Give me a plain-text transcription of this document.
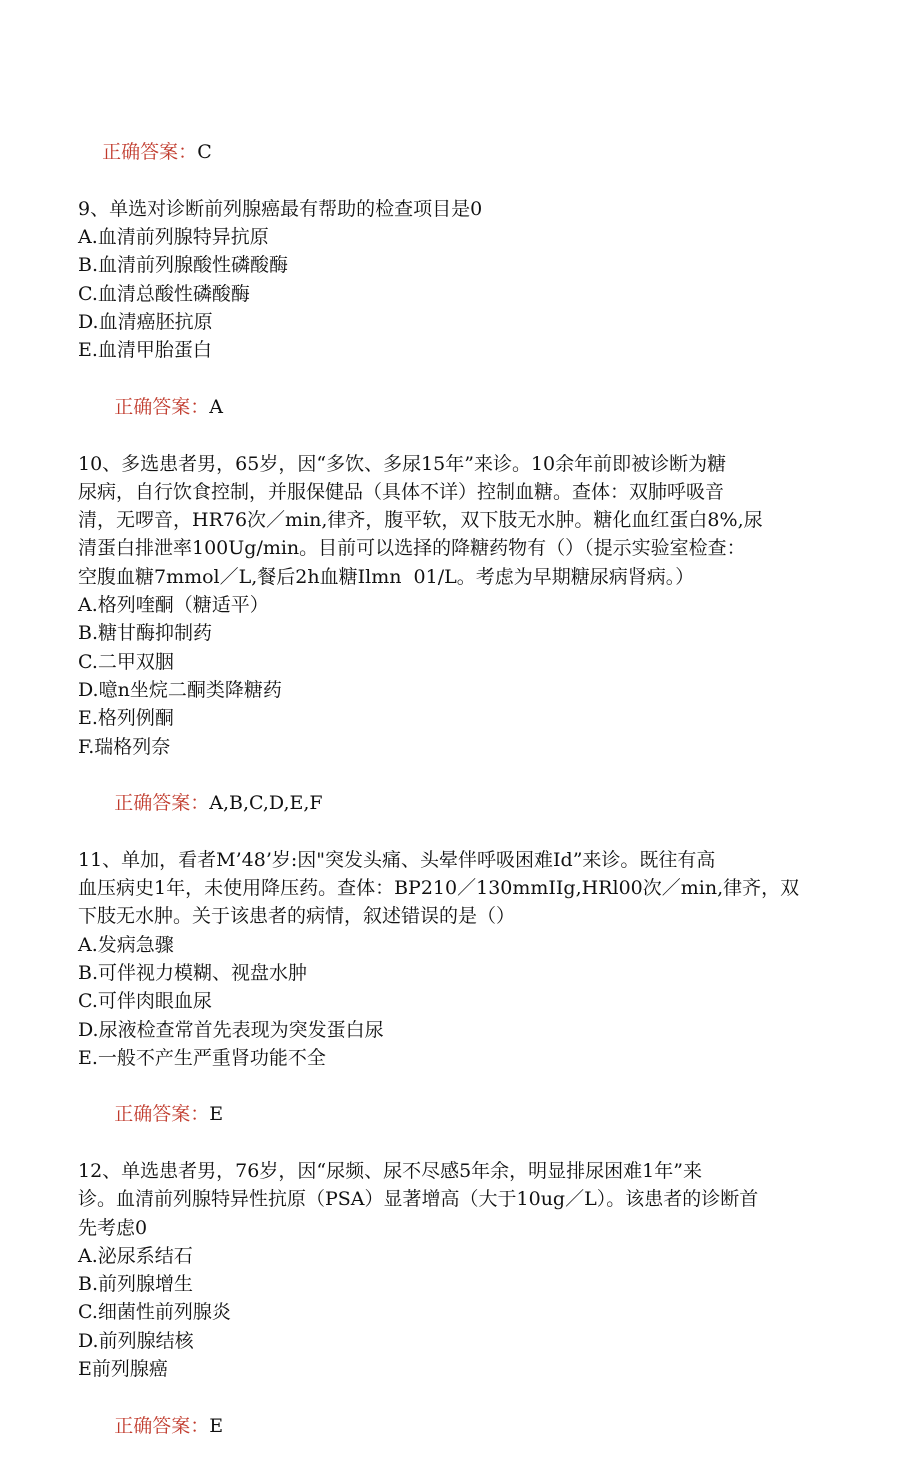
正确答案：C

9、单选对诊断前列腺癌最有帮助的检查项目是0
A.血清前列腺特异抗原
B.血清前列腺酸性磷酸酶
C.血清总酸性磷酸酶
D.血清癌胚抗原
E.血清甲胎蛋白

正确答案：A

10、多选患者男，65岁，因“多饮、多尿15年”来诊。10余年前即被诊断为糖
尿病，自行饮食控制，并服保健品（具体不详）控制血糖。查体：双肺呼吸音
清，无啰音，HR76次／min,律齐，腹平软，双下肢无水肿。糖化血红蛋白8%,尿
清蛋白排泄率100Ug/min。目前可以选择的降糖药物有（）（提示实验室检查：
空腹血糖7mmol／L,餐后2h血糖Ilmn  01/L。考虑为早期糖尿病肾病。）
A.格列喹酮（糖适平）
B.糖甘酶抑制药
C.二甲双胭
D.噫n坐烷二酮类降糖药
E.格列例酮
F.瑞格列奈

正确答案：A,B,C,D,E,F

11、单加，看者M’48’岁:因"突发头痛、头晕伴呼吸困难Id”来诊。既往有高
血压病史1年，未使用降压药。查体：BP210／130mmIIg,HRl00次／min,律齐，双
下肢无水肿。关于该患者的病情，叙述错误的是（）
A.发病急骤
B.可伴视力模糊、视盘水肿
C.可伴肉眼血尿
D.尿液检查常首先表现为突发蛋白尿
E.一般不产生严重肾功能不全

正确答案：E

12、单选患者男，76岁，因“尿频、尿不尽感5年余，明显排尿困难1年”来
诊。血清前列腺特异性抗原（PSA）显著增高（大于10ug／L）。该患者的诊断首
先考虑0
A.泌尿系结石
B.前列腺增生
C.细菌性前列腺炎
D.前列腺结核
E前列腺癌

正确答案：E
